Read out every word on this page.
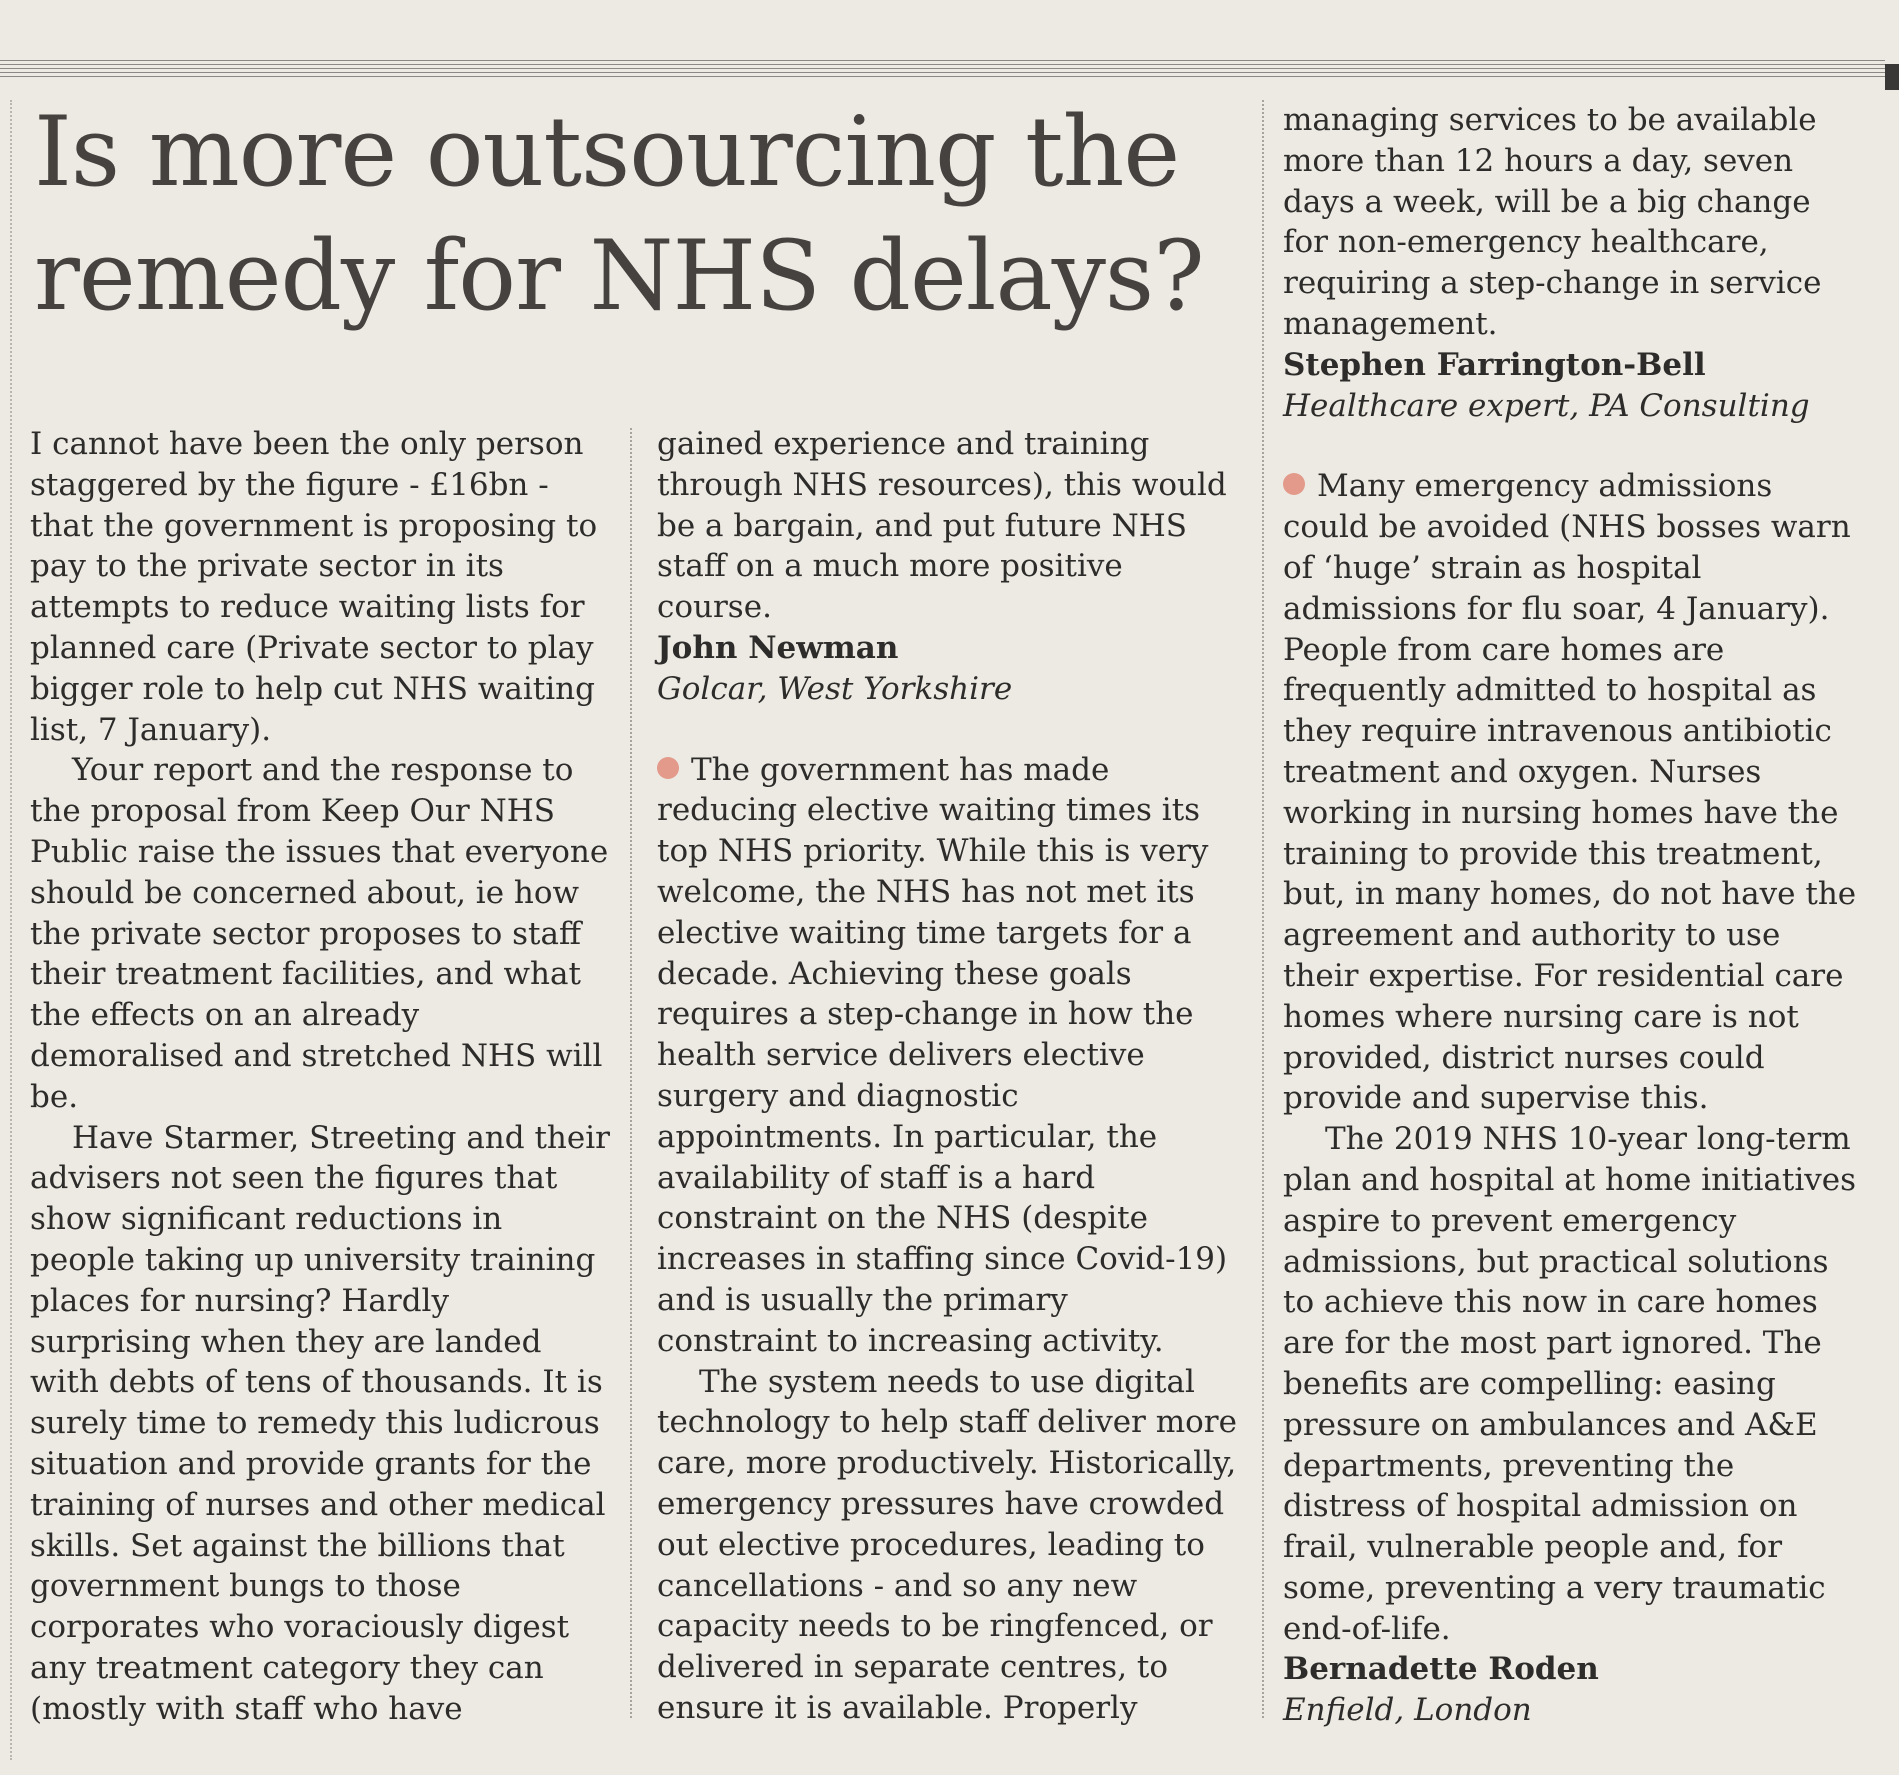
Is more outsourcing the remedy for NHS delays?

I cannot have been the only person staggered by the figure - £16bn - that the government is proposing to pay to the private sector in its attempts to reduce waiting lists for planned care (Private sector to play bigger role to help cut NHS waiting list, 7 January).

Your report and the response to the proposal from Keep Our NHS Public raise the issues that everyone should be concerned about, ie how the private sector proposes to staff their treatment facilities, and what the effects on an already demoralised and stretched NHS will be.

Have Starmer, Streeting and their advisers not seen the figures that show significant reductions in people taking up university training places for nursing? Hardly surprising when they are landed with debts of tens of thousands. It is surely time to remedy this ludicrous situation and provide grants for the training of nurses and other medical skills. Set against the billions that government bungs to those corporates who voraciously digest any treatment category they can (mostly with staff who have

gained experience and training through NHS resources), this would be a bargain, and put future NHS staff on a much more positive course.

John Newman

Golcar, West Yorkshire

The government has made reducing elective waiting times its top NHS priority. While this is very welcome, the NHS has not met its elective waiting time targets for a decade. Achieving these goals requires a step-change in how the health service delivers elective surgery and diagnostic appointments. In particular, the availability of staff is a hard constraint on the NHS (despite increases in staffing since Covid-19) and is usually the primary constraint to increasing activity.

The system needs to use digital technology to help staff deliver more care, more productively. Historically, emergency pressures have crowded out elective procedures, leading to cancellations - and so any new capacity needs to be ringfenced, or delivered in separate centres, to ensure it is available. Properly

managing services to be available more than 12 hours a day, seven days a week, will be a big change for non-emergency healthcare, requiring a step-change in service management.

Stephen Farrington-Bell

Healthcare expert, PA Consulting

Many emergency admissions could be avoided (NHS bosses warn of ‘huge’ strain as hospital admissions for flu soar, 4 January). People from care homes are frequently admitted to hospital as they require intravenous antibiotic treatment and oxygen. Nurses working in nursing homes have the training to provide this treatment, but, in many homes, do not have the agreement and authority to use their expertise. For residential care homes where nursing care is not provided, district nurses could provide and supervise this.

The 2019 NHS 10-year long-term plan and hospital at home initiatives aspire to prevent emergency admissions, but practical solutions to achieve this now in care homes are for the most part ignored. The benefits are compelling: easing pressure on ambulances and A&E departments, preventing the distress of hospital admission on frail, vulnerable people and, for some, preventing a very traumatic end-of-life.

Bernadette Roden

Enfield, London
